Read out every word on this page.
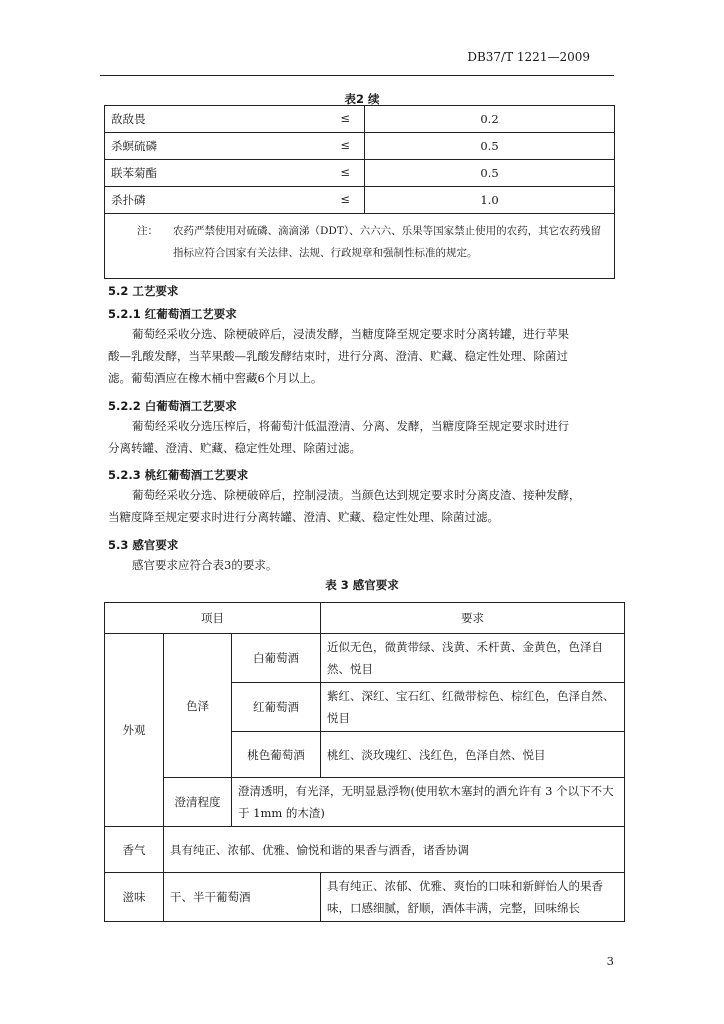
DB37/T 1221—2009
表2 续
敌敌畏 ≤	0.2
杀螟硫磷 ≤	0.5
联苯菊酯 ≤	0.5
杀扑磷 ≤	1.0

注： 农药严禁使用对硫磷、滴滴涕（DDT）、六六六、乐果等国家禁止使用的农药，其它农药残留
指标应符合国家有关法律、法规、行政规章和强制性标准的规定。	
5.2 工艺要求
5.2.1 红葡萄酒工艺要求
葡萄经采收分选、除梗破碎后，浸渍发酵，当糖度降至规定要求时分离转罐，进行苹果
酸—乳酸发酵，当苹果酸—乳酸发酵结束时，进行分离、澄清、贮藏、稳定性处理、除菌过
滤。葡萄酒应在橡木桶中窖藏6个月以上。
5.2.2 白葡萄酒工艺要求
葡萄经采收分选压榨后，将葡萄汁低温澄清、分离、发酵，当糖度降至规定要求时进行
分离转罐、澄清、贮藏、稳定性处理、除菌过滤。
5.2.3 桃红葡萄酒工艺要求
葡萄经采收分选、除梗破碎后，控制浸渍。当颜色达到规定要求时分离皮渣、接种发酵，
当糖度降至规定要求时进行分离转罐、澄清、贮藏、稳定性处理、除菌过滤。
5.3 感官要求
感官要求应符合表3的要求。
表 3 感官要求
项目			要求
外观	色泽	白葡萄酒	近似无色，微黄带绿、浅黄、禾杆黄、金黄色，色泽自然、悦目
		红葡萄酒	紫红、深红、宝石红、红微带棕色、棕红色，色泽自然、悦目
		桃色葡萄酒	桃红、淡玫瑰红、浅红色，色泽自然、悦目
	澄清程度	澄清透明，有光泽，无明显悬浮物(使用软木塞封的酒允许有 3 个以下不大于 1mm 的木渣)	
香气	具有纯正、浓郁、优雅、愉悦和谐的果香与酒香，诸香协调		
滋味	干、半干葡萄酒		具有纯正、浓郁、优雅、爽怡的口味和新鲜怡人的果香味，口感细腻，舒顺，酒体丰满，完整，回味绵长
3
